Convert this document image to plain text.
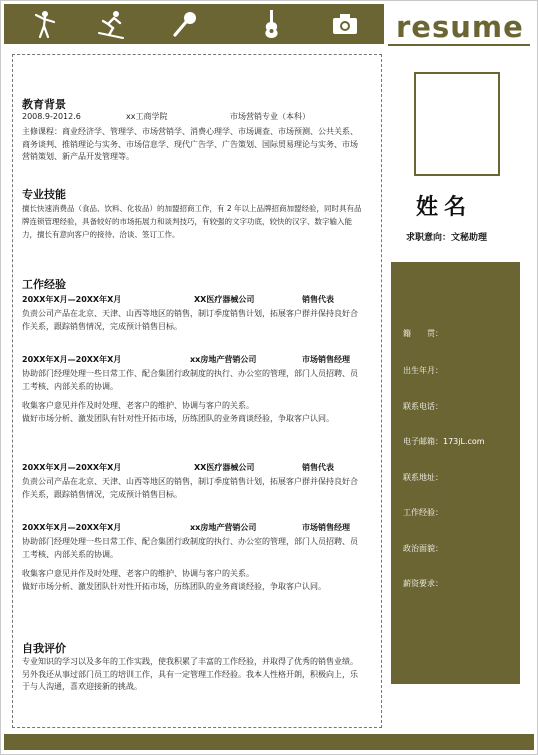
resume
教育背景
2008.9-2012.6	xx工商学院	市场营销专业（本科）
主修课程：商业经济学、管理学、市场营销学、消费心理学、市场调查、市场预测、公共关系、商务谈判、推销理论与实务、市场信息学、现代广告学、广告策划、国际贸易理论与实务、市场营销策划、新产品开发管理等。
专业技能
擅长快速消费品（食品、饮料、化妆品）的加盟招商工作，有 2 年以上品牌招商加盟经验，同时具有品牌连锁管理经验，具备较好的市场拓展力和谈判技巧，有较强的文字功底，较快的汉字、数字输入能力，擅长有意向客户的接待、洽谈、签订工作。
工作经验
20XX年X月—20XX年X月	XX医疗器械公司	销售代表
负责公司产品在北京、天津、山西等地区的销售，制订季度销售计划，拓展客户群并保持良好合作关系，跟踪销售情况，完成预计销售目标。
20XX年X月—20XX年X月	xx房地产营销公司	市场销售经理
协助部门经理处理一些日常工作、配合集团行政制度的执行、办公室的管理，部门人员招聘、员工考核、内部关系的协调。
收集客户意见并作及时处理、老客户的维护、协调与客户的关系。
做好市场分析、激发团队有针对性开拓市场，历练团队的业务商谈经验，争取客户认同。
20XX年X月—20XX年X月	XX医疗器械公司	销售代表
负责公司产品在北京、天津、山西等地区的销售，制订季度销售计划，拓展客户群并保持良好合作关系，跟踪销售情况，完成预计销售目标。
20XX年X月—20XX年X月	xx房地产营销公司	市场销售经理
协助部门经理处理一些日常工作、配合集团行政制度的执行、办公室的管理，部门人员招聘、员工考核、内部关系的协调。
收集客户意见并作及时处理、老客户的维护、协调与客户的关系。
做好市场分析、激发团队针对性开拓市场，历练团队的业务商谈经验，争取客户认同。
自我评价
专业知识的学习以及多年的工作实践，使我积累了丰富的工作经验，并取得了优秀的销售业绩。另外我还从事过部门员工的培训工作，具有一定管理工作经验。我本人性格开朗，积极向上，乐于与人沟通，喜欢迎接新的挑战。
姓名
求职意向：文秘助理
籍　　贯：
出生年月：
联系电话：
电子邮箱：173jL.com
联系地址：
工作经验：
政治面貌：
薪资要求：
